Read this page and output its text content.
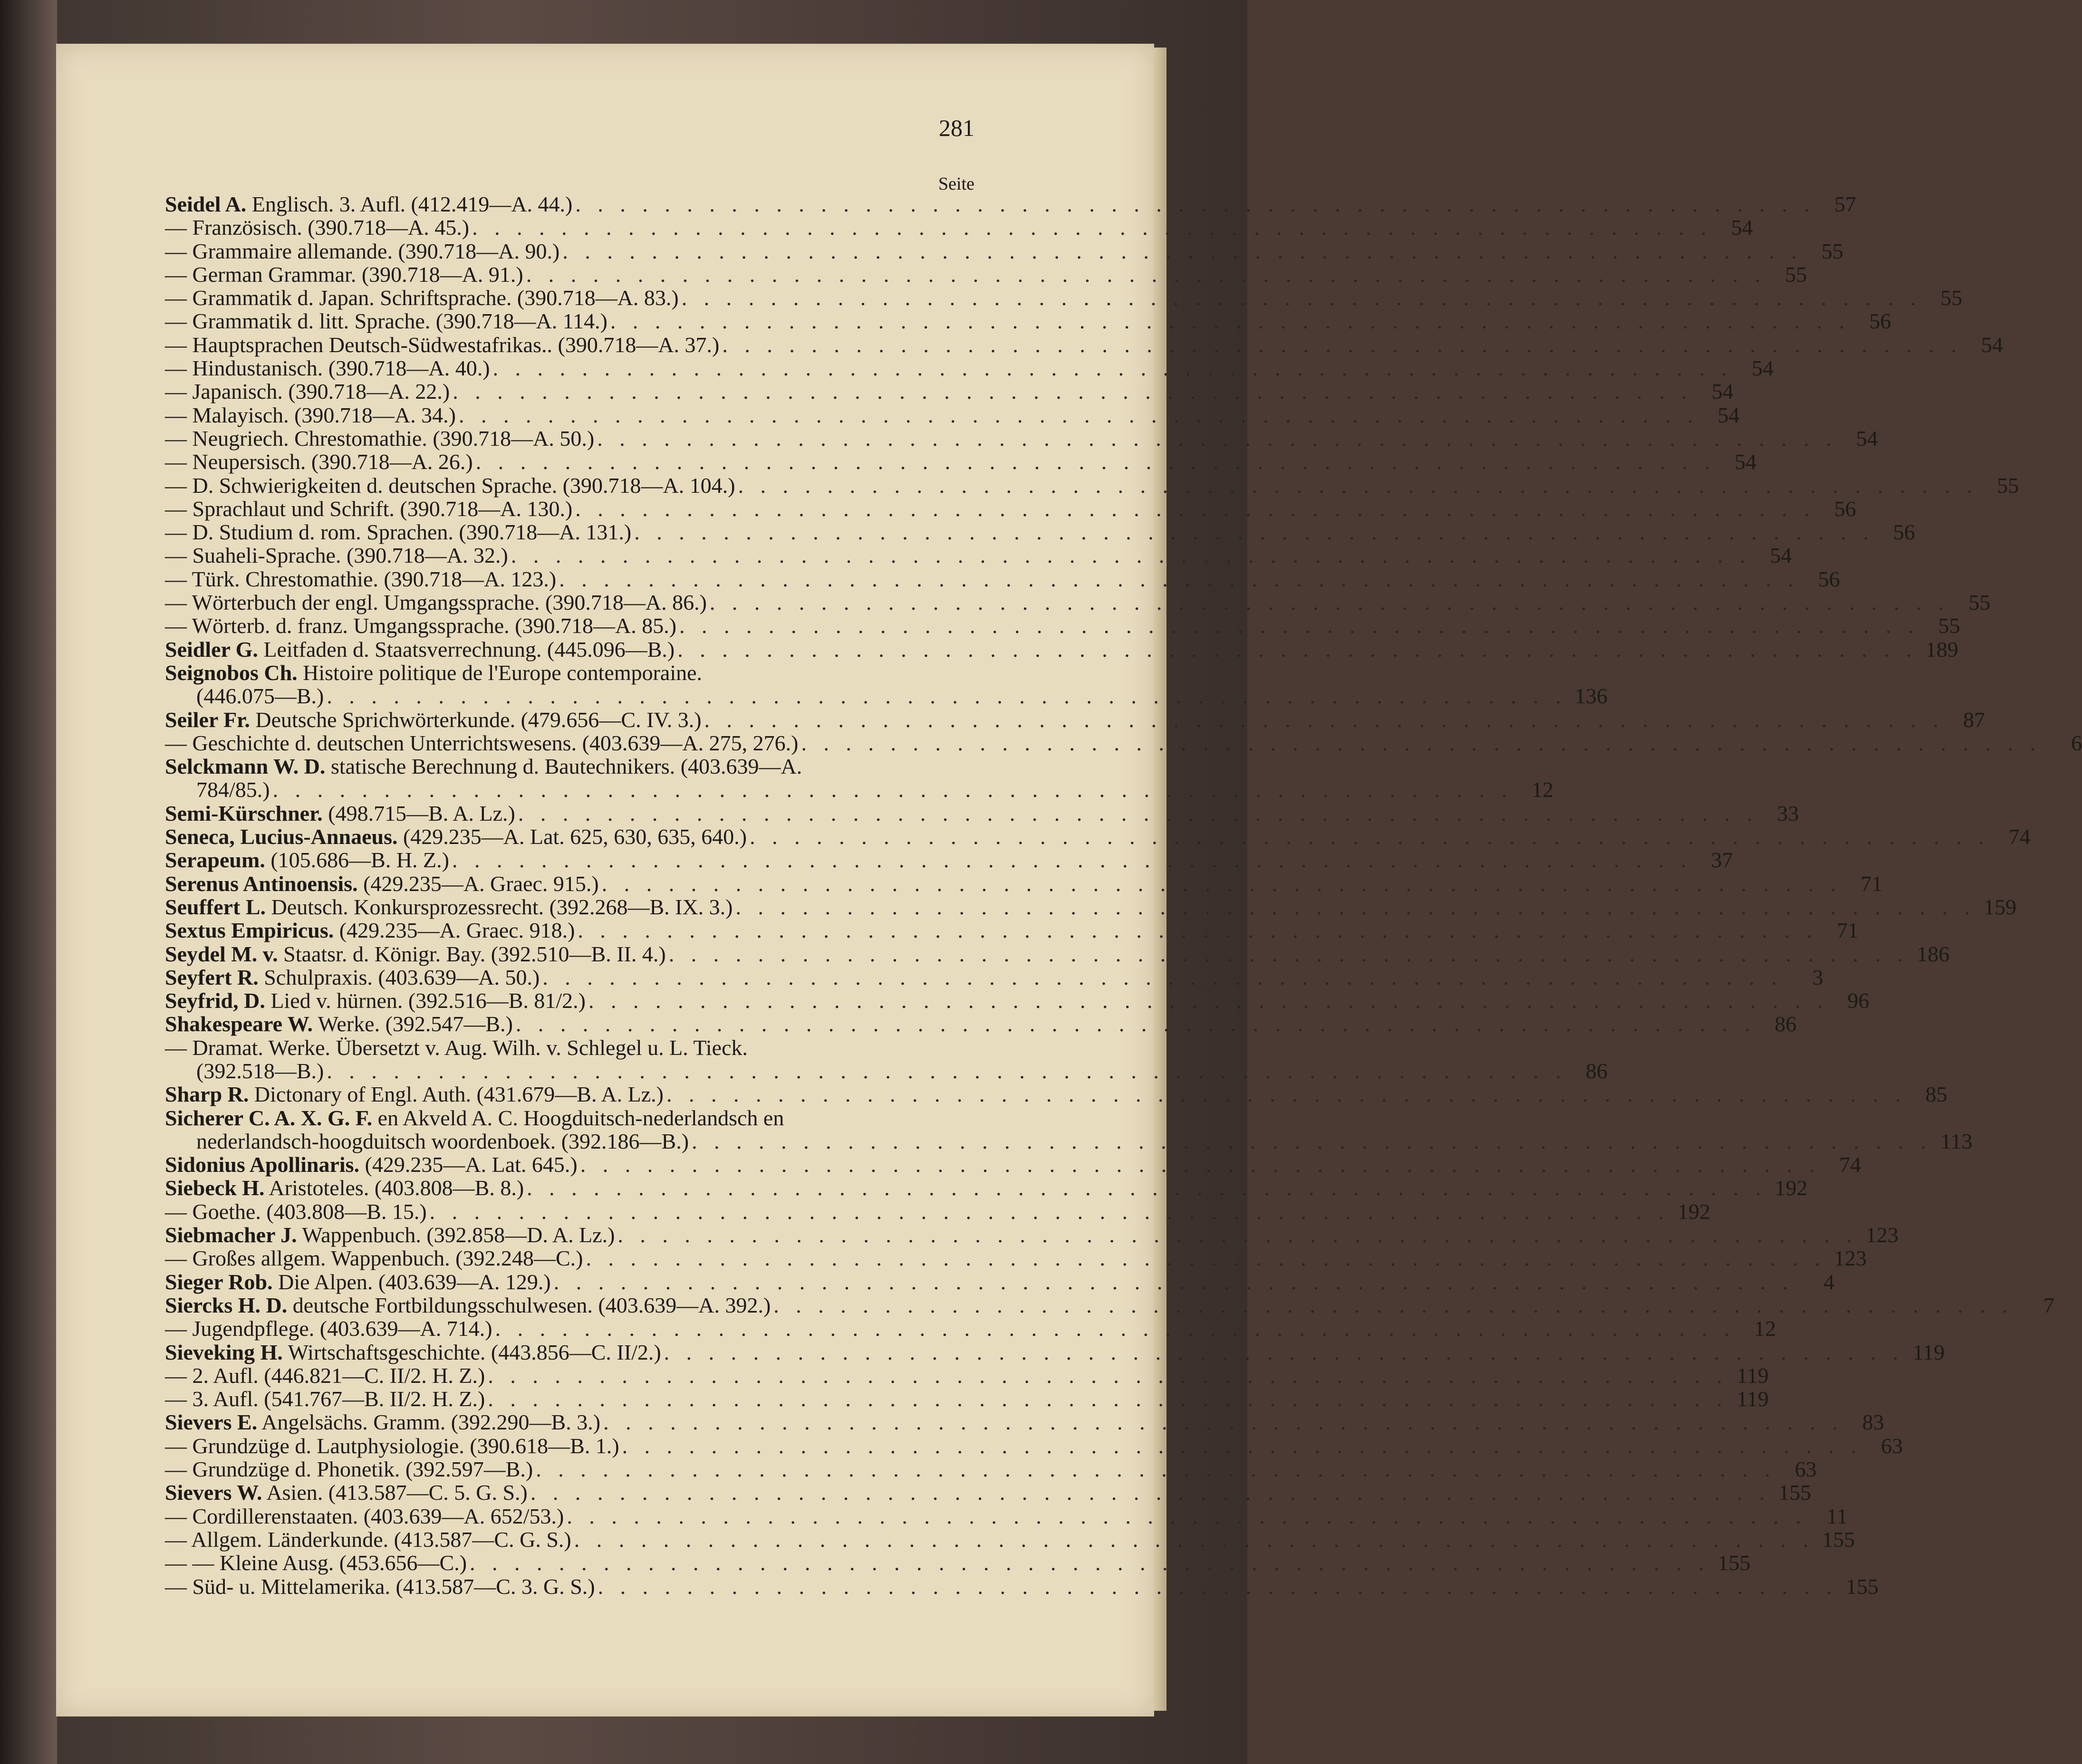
281
Seite
Seidel A. Englisch. 3. Aufl. (412.419—A. 44.) . . .	57
— Französisch. (390.718—A. 45.) . . .	54
— Grammaire allemande. (390.718—A. 90.) . . .	55
— German Grammar. (390.718—A. 91.) . . .	55
— Grammatik d. Japan. Schriftsprache. (390.718—A. 83.) . . .	55
— Grammatik d. litt. Sprache. (390.718—A. 114.) . . .	56
— Hauptsprachen Deutsch-Südwestafrikas.. (390.718—A. 37.) . . .	54
— Hindustanisch. (390.718—A. 40.) . . .	54
— Japanisch. (390.718—A. 22.) . . .	54
— Malayisch. (390.718—A. 34.) . . .	54
— Neugriech. Chrestomathie. (390.718—A. 50.) . . .	54
— Neupersisch. (390.718—A. 26.) . . .	54
— D. Schwierigkeiten d. deutschen Sprache. (390.718—A. 104.) . . .	55
— Sprachlaut und Schrift. (390.718—A. 130.) . . .	56
— D. Studium d. rom. Sprachen. (390.718—A. 131.) . . .	56
— Suaheli-Sprache. (390.718—A. 32.) . . .	54
— Türk. Chrestomathie. (390.718—A. 123.) . . .	56
— Wörterbuch der engl. Umgangssprache. (390.718—A. 86.) . . .	55
— Wörterb. d. franz. Umgangssprache. (390.718—A. 85.) . . .	55
Seidler G. Leitfaden d. Staatsverrechnung. (445.096—B.) . . .	189
Seignobos Ch. Histoire politique de l'Europe contemporaine.
(446.075—B.) . . .	136
Seiler Fr. Deutsche Sprichwörterkunde. (479.656—C. IV. 3.) . . .	87
— Geschichte d. deutschen Unterrichtswesens. (403.639—A. 275, 276.) . . .	6
Selckmann W. D. statische Berechnung d. Bautechnikers. (403.639—A.
784/85.) . . .	12
Semi-Kürschner. (498.715—B. A. Lz.) . . .	33
Seneca, Lucius-Annaeus. (429.235—A. Lat. 625, 630, 635, 640.) . . .	74
Serapeum. (105.686—B. H. Z.) . . .	37
Serenus Antinoensis. (429.235—A. Graec. 915.) . . .	71
Seuffert L. Deutsch. Konkursprozessrecht. (392.268—B. IX. 3.) . . .	159
Sextus Empiricus. (429.235—A. Graec. 918.) . . .	71
Seydel M. v. Staatsr. d. Königr. Bay. (392.510—B. II. 4.) . . .	186
Seyfert R. Schulpraxis. (403.639—A. 50.) . . .	3
Seyfrid, D. Lied v. hürnen. (392.516—B. 81/2.) . . .	96
Shakespeare W. Werke. (392.547—B.) . . .	86
— Dramat. Werke. Übersetzt v. Aug. Wilh. v. Schlegel u. L. Tieck.
(392.518—B.) . . .	86
Sharp R. Dictonary of Engl. Auth. (431.679—B. A. Lz.) . . .	85
Sicherer C. A. X. G. F. en Akveld A. C. Hoogduitsch-nederlandsch en
nederlandsch-hoogduitsch woordenboek. (392.186—B.) . . .	113
Sidonius Apollinaris. (429.235—A. Lat. 645.) . . .	74
Siebeck H. Aristoteles. (403.808—B. 8.) . . .	192
— Goethe. (403.808—B. 15.) . . .	192
Siebmacher J. Wappenbuch. (392.858—D. A. Lz.) . . .	123
— Großes allgem. Wappenbuch. (392.248—C.) . . .	123
Sieger Rob. Die Alpen. (403.639—A. 129.) . . .	4
Siercks H. D. deutsche Fortbildungsschulwesen. (403.639—A. 392.) . . .	7
— Jugendpflege. (403.639—A. 714.) . . .	12
Sieveking H. Wirtschaftsgeschichte. (443.856—C. II/2.) . . .	119
— 2. Aufl. (446.821—C. II/2. H. Z.) . . .	119
— 3. Aufl. (541.767—B. II/2. H. Z.) . . .	119
Sievers E. Angelsächs. Gramm. (392.290—B. 3.) . . .	83
— Grundzüge d. Lautphysiologie. (390.618—B. 1.) . . .	63
— Grundzüge d. Phonetik. (392.597—B.) . . .	63
Sievers W. Asien. (413.587—C. 5. G. S.) . . .	155
— Cordillerenstaaten. (403.639—A. 652/53.) . . .	11
— Allgem. Länderkunde. (413.587—C. G. S.) . . .	155
— — Kleine Ausg. (453.656—C.) . . .	155
— Süd- u. Mittelamerika. (413.587—C. 3. G. S.) . . .	155
